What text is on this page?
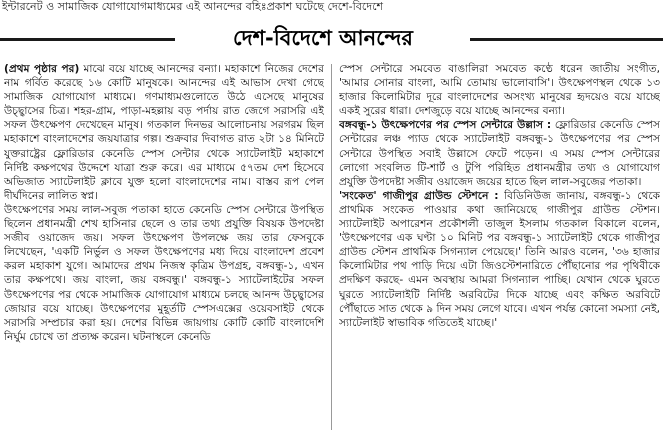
ইন্টারনেট ও সামাজিক যোগাযোগমাধ্যমের এই আনন্দের বহিঃপ্রকাশ ঘটেছে দেশে-বিদেশে
দেশ-বিদেশে আনন্দের

(প্রথম পৃষ্ঠার পর) মাঝে বয়ে যাচ্ছে আনন্দের বন্যা। মহাকাশে নিজের দেশের নাম গর্বিত করেছে ১৬ কোটি মানুষকে। আনন্দের এই আভাস দেখা গেছে সামাজিক যোগাযোগ মাধ্যমে। গণমাধ্যমগুলোতে উঠে এসেছে মানুষের উচ্ছ্বাসের চিত্র। শহর-গ্রাম, পাড়া-মহল্লায় বড় পর্দায় রাত জেগে সরাসরি এই সফল উৎক্ষেপণ দেখেছেন মানুষ। গতকাল দিনভর আলোচনায় সরগরম ছিল মহাকাশে বাংলাদেশের জয়যাত্রার গল্প। শুক্রবার দিবাগত রাত ২টা ১৪ মিনিটে যুক্তরাষ্ট্রের ফ্লোরিডার কেনেডি স্পেস সেন্টার থেকে স্যাটেলাইট মহাকাশে নির্দিষ্ট কক্ষপথের উদ্দেশে যাত্রা শুরু করে। এর মাধ্যমে ৫৭তম দেশ হিসেবে অভিজাত স্যাটেলাইট ক্লাবে যুক্ত হলো বাংলাদেশের নাম। বাস্তব রূপ পেল দীর্ঘদিনের লালিত স্বপ্ন।

উৎক্ষেপণের সময় লাল-সবুজ পতাকা হাতে কেনেডি স্পেস সেন্টারে উপস্থিত ছিলেন প্রধানমন্ত্রী শেখ হাসিনার ছেলে ও তার তথ্য প্রযুক্তি বিষয়ক উপদেষ্টা সজীব ওয়াজেদ জয়। সফল উৎক্ষেপণ উপলক্ষে জয় তার ফেসবুকে লিখেছেন, 'একটি নির্ভুল ও সফল উৎক্ষেপণের মধ্য দিয়ে বাংলাদেশ প্রবেশ করল মহাকাশ যুগে। আমাদের প্রথম নিজস্ব কৃত্রিম উপগ্রহ, বঙ্গবন্ধু-১, এখন তার কক্ষপথে। জয় বাংলা, জয় বঙ্গবন্ধু।' বঙ্গবন্ধু-১ স্যাটেলাইটের সফল উৎক্ষেপণের পর থেকে সামাজিক যোগাযোগ মাধ্যমে চলছে আনন্দ উচ্ছ্বাসের জোয়ার বয়ে যাচ্ছে। উৎক্ষেপণের মুহূর্তটি স্পেসএক্সের ওয়েবসাইট থেকে সরাসরি সম্প্রচার করা হয়। দেশের বিভিন্ন জায়গায় কোটি কোটি বাংলাদেশি নির্ঘুম চোখে তা প্রত্যক্ষ করেন। ঘটনাস্থলে কেনেডি

স্পেস সেন্টারে সমবেত বাঙালিরা সমবেত কণ্ঠে ধরেন জাতীয় সংগীত, 'আমার সোনার বাংলা, আমি তোমায় ভালোবাসি'। উৎক্ষেপণস্থল থেকে ১৩ হাজার কিলোমিটার দূরে বাংলাদেশের অসংখ্য মানুষের হৃদয়েও বয়ে যাচ্ছে একই সুরের ধারা। দেশজুড়ে বয়ে যাচ্ছে আনন্দের বন্যা।

বঙ্গবন্ধু-১ উৎক্ষেপণের পর স্পেস সেন্টারে উল্লাস : ফ্লোরিডার কেনেডি স্পেস সেন্টারের লঞ্চ প্যাড থেকে স্যাটেলাইট বঙ্গবন্ধু-১ উৎক্ষেপণের পর স্পেস সেন্টারে উপস্থিত সবাই উল্লাসে ফেটে পড়েন। এ সময় স্পেস সেন্টারের লোগো সংবলিত টি-শার্ট ও টুপি পরিহিত প্রধানমন্ত্রীর তথ্য ও যোগাযোগ প্রযুক্তি উপদেষ্টা সজীব ওয়াজেদ জয়ের হাতে ছিল লাল-সবুজের পতাকা।

'সংকেত' গাজীপুর গ্রাউন্ড স্টেশনে : বিডিনিউজ জানায়, বঙ্গবন্ধু-১ থেকে প্রাথমিক সংকেত পাওয়ার কথা জানিয়েছে গাজীপুর গ্রাউন্ড স্টেশন। স্যাটেলাইট অপারেশন প্রকৌশলী তাজুল ইসলাম গতকাল বিকালে বলেন, 'উৎক্ষেপণের এক ঘণ্টা ১০ মিনিট পর বঙ্গবন্ধু-১ স্যাটেলাইট থেকে গাজীপুর গ্রাউন্ড স্টেশন প্রাথমিক সিগন্যাল পেয়েছে।' তিনি আরও বলেন, '৩৬ হাজার কিলোমিটার পথ পাড়ি দিয়ে এটা জিওস্টেশনারিতে পৌঁছানোর পর পৃথিবীকে প্রদক্ষিণ করছে- এমন অবস্থায় আমরা সিগন্যাল পাচ্ছি। যেখান থেকে ঘুরতে ঘুরতে স্যাটেলাইটি নির্দিষ্ট অরবিটের দিকে যাচ্ছে এবং কক্ষিত অরবিটে পৌঁছাতে সাত থেকে ৯ দিন সময় লেগে যাবে। এখন পর্যন্ত কোনো সমস্যা নেই, স্যাটেলাইট স্বাভাবিক গতিতেই যাচ্ছে।'
